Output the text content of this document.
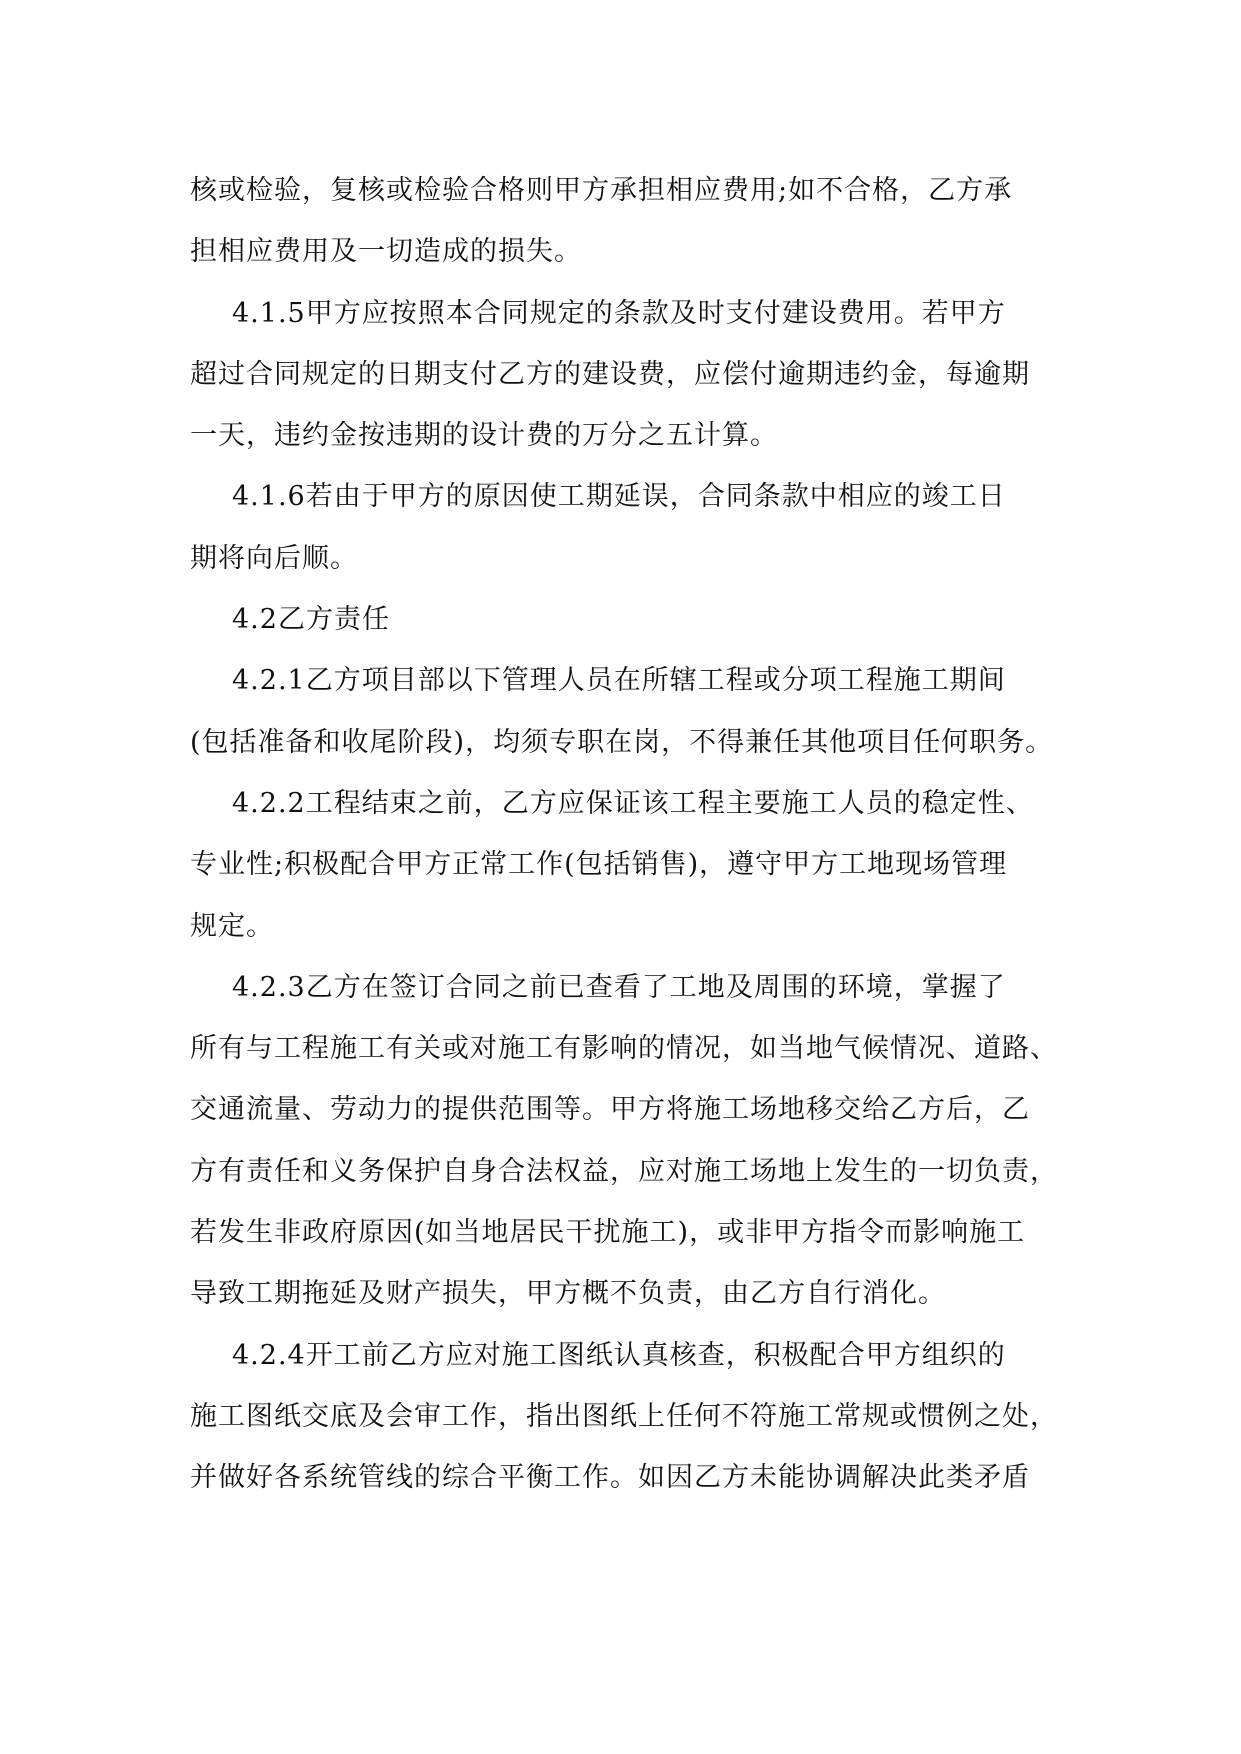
核或检验，复核或检验合格则甲方承担相应费用;如不合格，乙方承
担相应费用及一切造成的损失。
4.1.5甲方应按照本合同规定的条款及时支付建设费用。若甲方
超过合同规定的日期支付乙方的建设费，应偿付逾期违约金，每逾期
一天，违约金按违期的设计费的万分之五计算。
4.1.6若由于甲方的原因使工期延误，合同条款中相应的竣工日
期将向后顺。
4.2乙方责任
4.2.1乙方项目部以下管理人员在所辖工程或分项工程施工期间
(包括准备和收尾阶段)，均须专职在岗，不得兼任其他项目任何职务。
4.2.2工程结束之前，乙方应保证该工程主要施工人员的稳定性、
专业性;积极配合甲方正常工作(包括销售)，遵守甲方工地现场管理
规定。
4.2.3乙方在签订合同之前已查看了工地及周围的环境，掌握了
所有与工程施工有关或对施工有影响的情况，如当地气候情况、道路、
交通流量、劳动力的提供范围等。甲方将施工场地移交给乙方后，乙
方有责任和义务保护自身合法权益，应对施工场地上发生的一切负责，
若发生非政府原因(如当地居民干扰施工)，或非甲方指令而影响施工
导致工期拖延及财产损失，甲方概不负责，由乙方自行消化。
4.2.4开工前乙方应对施工图纸认真核查，积极配合甲方组织的
施工图纸交底及会审工作，指出图纸上任何不符施工常规或惯例之处，
并做好各系统管线的综合平衡工作。如因乙方未能协调解决此类矛盾
